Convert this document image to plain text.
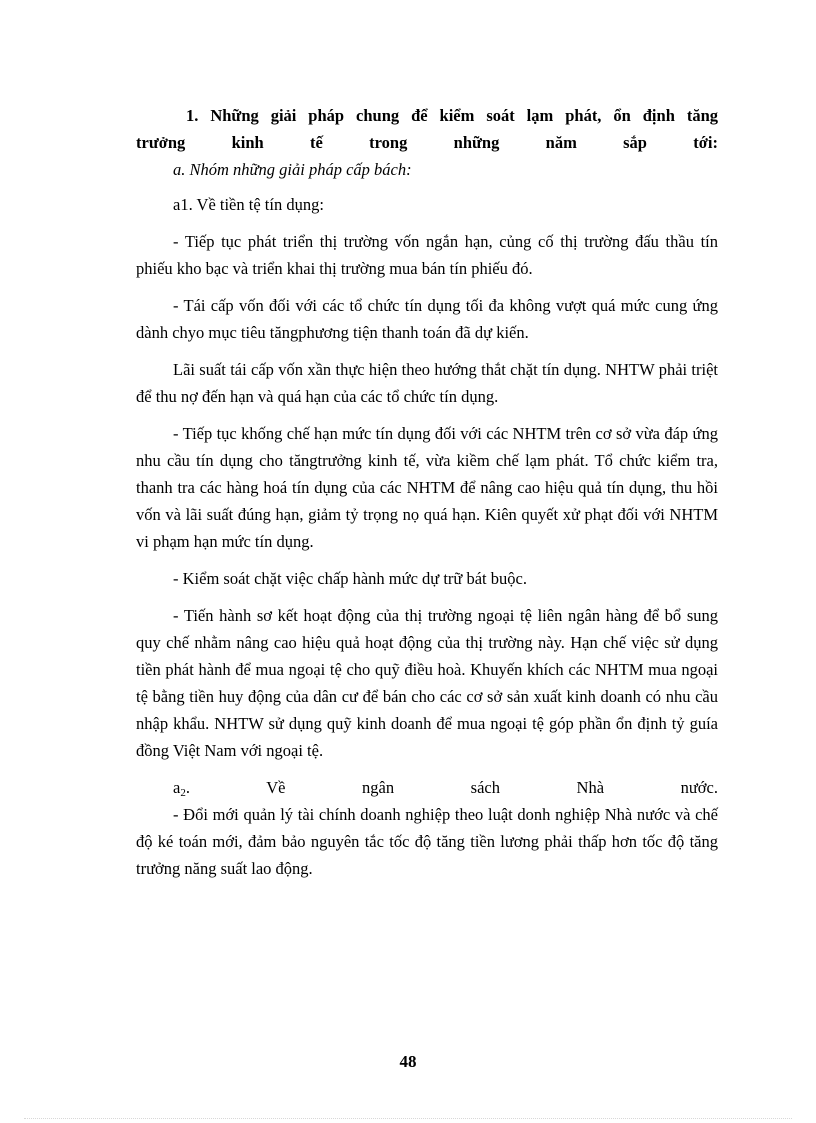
1. Những giải pháp chung để kiểm soát lạm phát, ổn định tăng
trưởng kinh tế trong những năm sắp tới:

a. Nhóm những giải pháp cấp bách:

a1. Về tiền tệ tín dụng:

- Tiếp tục phát triển thị trường vốn ngắn hạn, củng cố thị trường đấu thầu tín phiếu kho bạc và triển khai thị trường mua bán tín phiếu đó.

- Tái cấp vốn đối với các tổ chức tín dụng tối đa không vượt quá mức cung ứng dành chyo mục tiêu tăngphương tiện thanh toán đã dự kiến.

Lãi suất tái cấp vốn xần thực hiện theo hướng thắt chặt tín dụng. NHTW phải triệt để thu nợ đến hạn và quá hạn của các tổ chức tín dụng.

- Tiếp tục khống chế hạn mức tín dụng đối với các NHTM trên cơ sở vừa đáp ứng nhu cầu tín dụng cho tăngtrưởng kinh tế, vừa kiềm chế lạm phát. Tổ chức kiểm tra, thanh tra các hàng hoá tín dụng của các NHTM để nâng cao hiệu quả tín dụng, thu hồi vốn và lãi suất đúng hạn, giảm tỷ trọng nọ quá hạn. Kiên quyết xử phạt đối với NHTM vi phạm hạn mức tín dụng.

- Kiểm soát chặt việc chấp hành mức dự trữ bát buộc.

- Tiến hành sơ kết hoạt động của thị trường ngoại tệ liên ngân hàng để bổ sung quy chế nhằm nâng cao hiệu quả hoạt động của thị trường này. Hạn chế việc sử dụng tiền phát hành để mua ngoại tệ cho quỹ điều hoà. Khuyến khích các NHTM mua ngoại tệ bằng tiền huy động của dân cư để bán cho các cơ sở sản xuất kinh doanh có nhu cầu nhập khẩu. NHTW sử dụng quỹ kinh doanh để mua ngoại tệ góp phần ổn định tỷ guía đồng Việt Nam với ngoại tệ.

$a_2$. Về ngân sách Nhà nước.

- Đổi mới quản lý tài chính doanh nghiệp theo luật donh nghiệp Nhà nước và chế độ ké toán mới, đảm bảo nguyên tắc tốc độ tăng tiền lương phải thấp hơn tốc độ tăng trưởng năng suất lao động.

48
